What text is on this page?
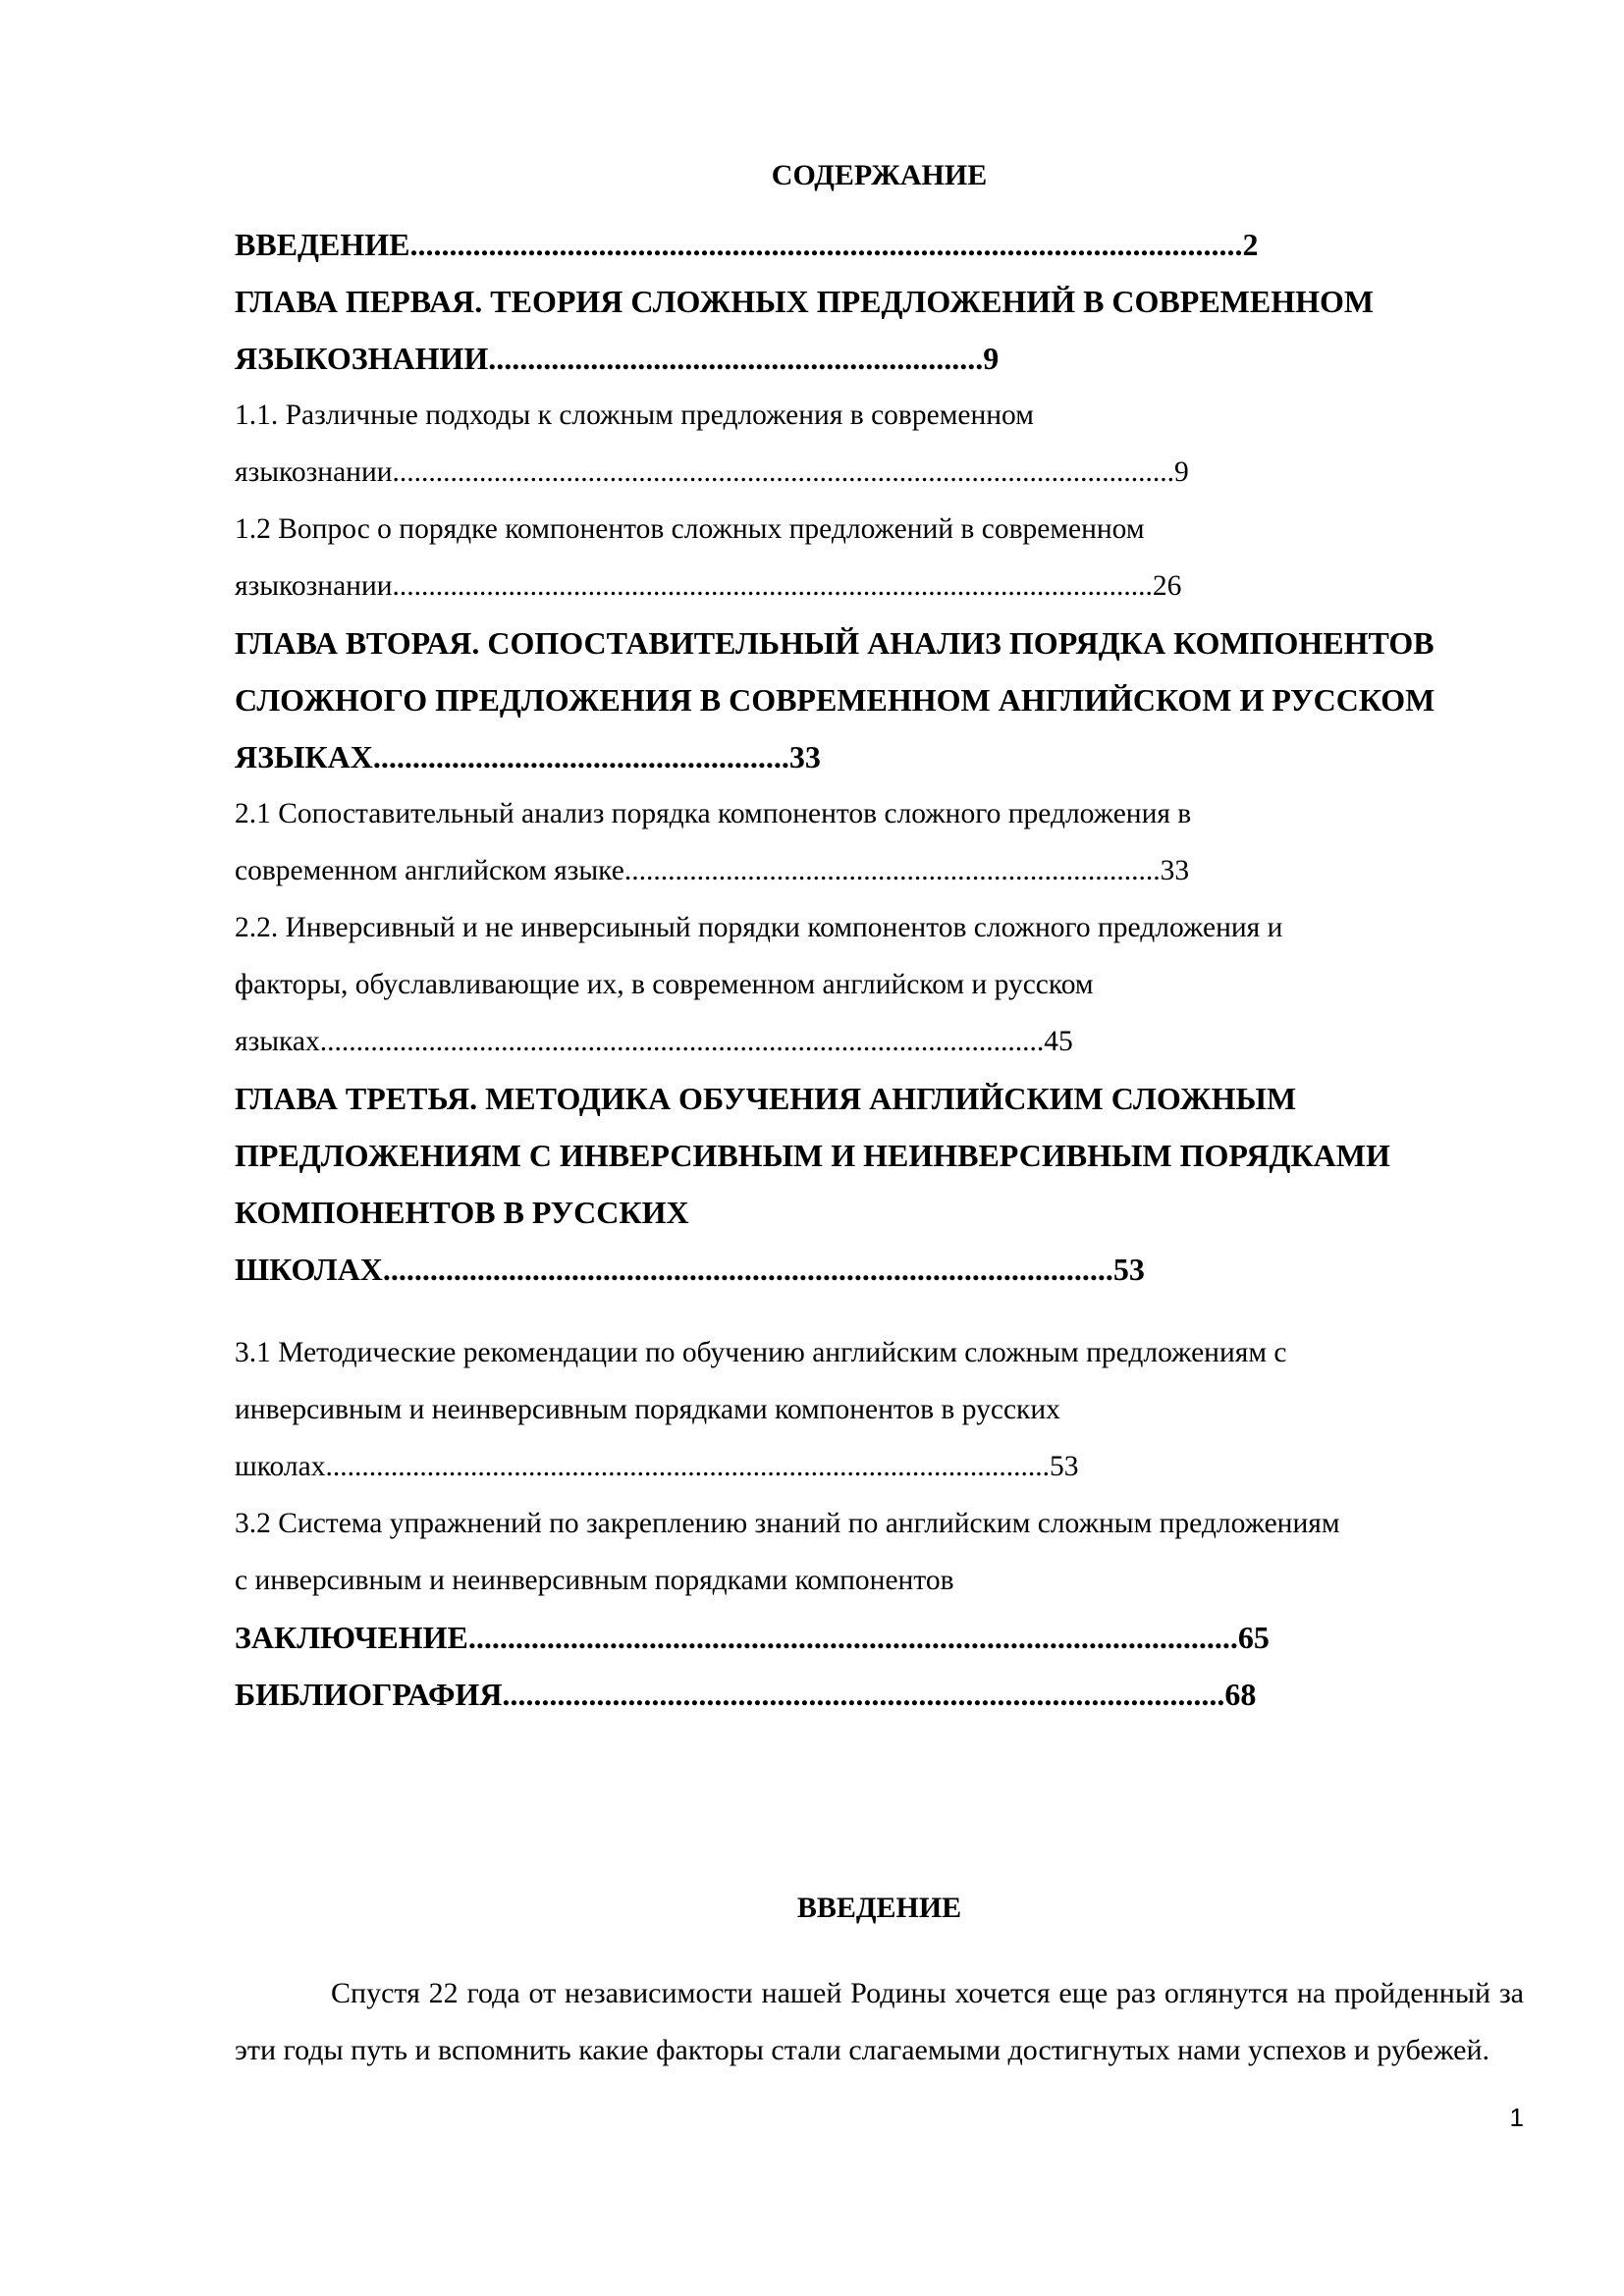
СОДЕРЖАНИЕ
ВВЕДЕНИЕ..........................................................................................................2
ГЛАВА ПЕРВАЯ. ТЕОРИЯ СЛОЖНЫХ ПРЕДЛОЖЕНИЙ В СОВРЕМЕННОМ
ЯЗЫКОЗНАНИИ...............................................................9
1.1. Различные подходы к сложным предложения в современном
языкознании............................................................................................................9
1.2 Вопрос о порядке компонентов сложных предложений в современном
языкознании.........................................................................................................26
ГЛАВА ВТОРАЯ. СОПОСТАВИТЕЛЬНЫЙ АНАЛИЗ ПОРЯДКА КОМПОНЕНТОВ
СЛОЖНОГО ПРЕДЛОЖЕНИЯ В СОВРЕМЕННОМ АНГЛИЙСКОМ И РУССКОМ
ЯЗЫКАХ.....................................................33
2.1 Сопоставительный анализ порядка компонентов сложного предложения в
современном английском языке..........................................................................33
2.2. Инверсивный и не инверсиыный порядки компонентов сложного предложения и
факторы, обуславливающие их, в современном английском и русском
языках....................................................................................................45
ГЛАВА ТРЕТЬЯ. МЕТОДИКА ОБУЧЕНИЯ АНГЛИЙСКИМ СЛОЖНЫМ
ПРЕДЛОЖЕНИЯМ С ИНВЕРСИВНЫМ И НЕИНВЕРСИВНЫМ ПОРЯДКАМИ
КОМПОНЕНТОВ В РУССКИХ
ШКОЛАХ.............................................................................................53
3.1 Методические рекомендации по обучению английским сложным предложениям с
инверсивным и неинверсивным порядками компонентов в русских
школах....................................................................................................53
3.2 Система упражнений по закреплению знаний по английским сложным предложениям
с инверсивным и неинверсивным порядками компонентов
ЗАКЛЮЧЕНИЕ..................................................................................................65
БИБЛИОГРАФИЯ............................................................................................68
ВВЕДЕНИЕ

Спустя 22 года от независимости нашей Родины хочется еще раз оглянутся на пройденный за эти годы путь и вспомнить какие факторы стали слагаемыми достигнутых нами успехов и рубежей.

1
